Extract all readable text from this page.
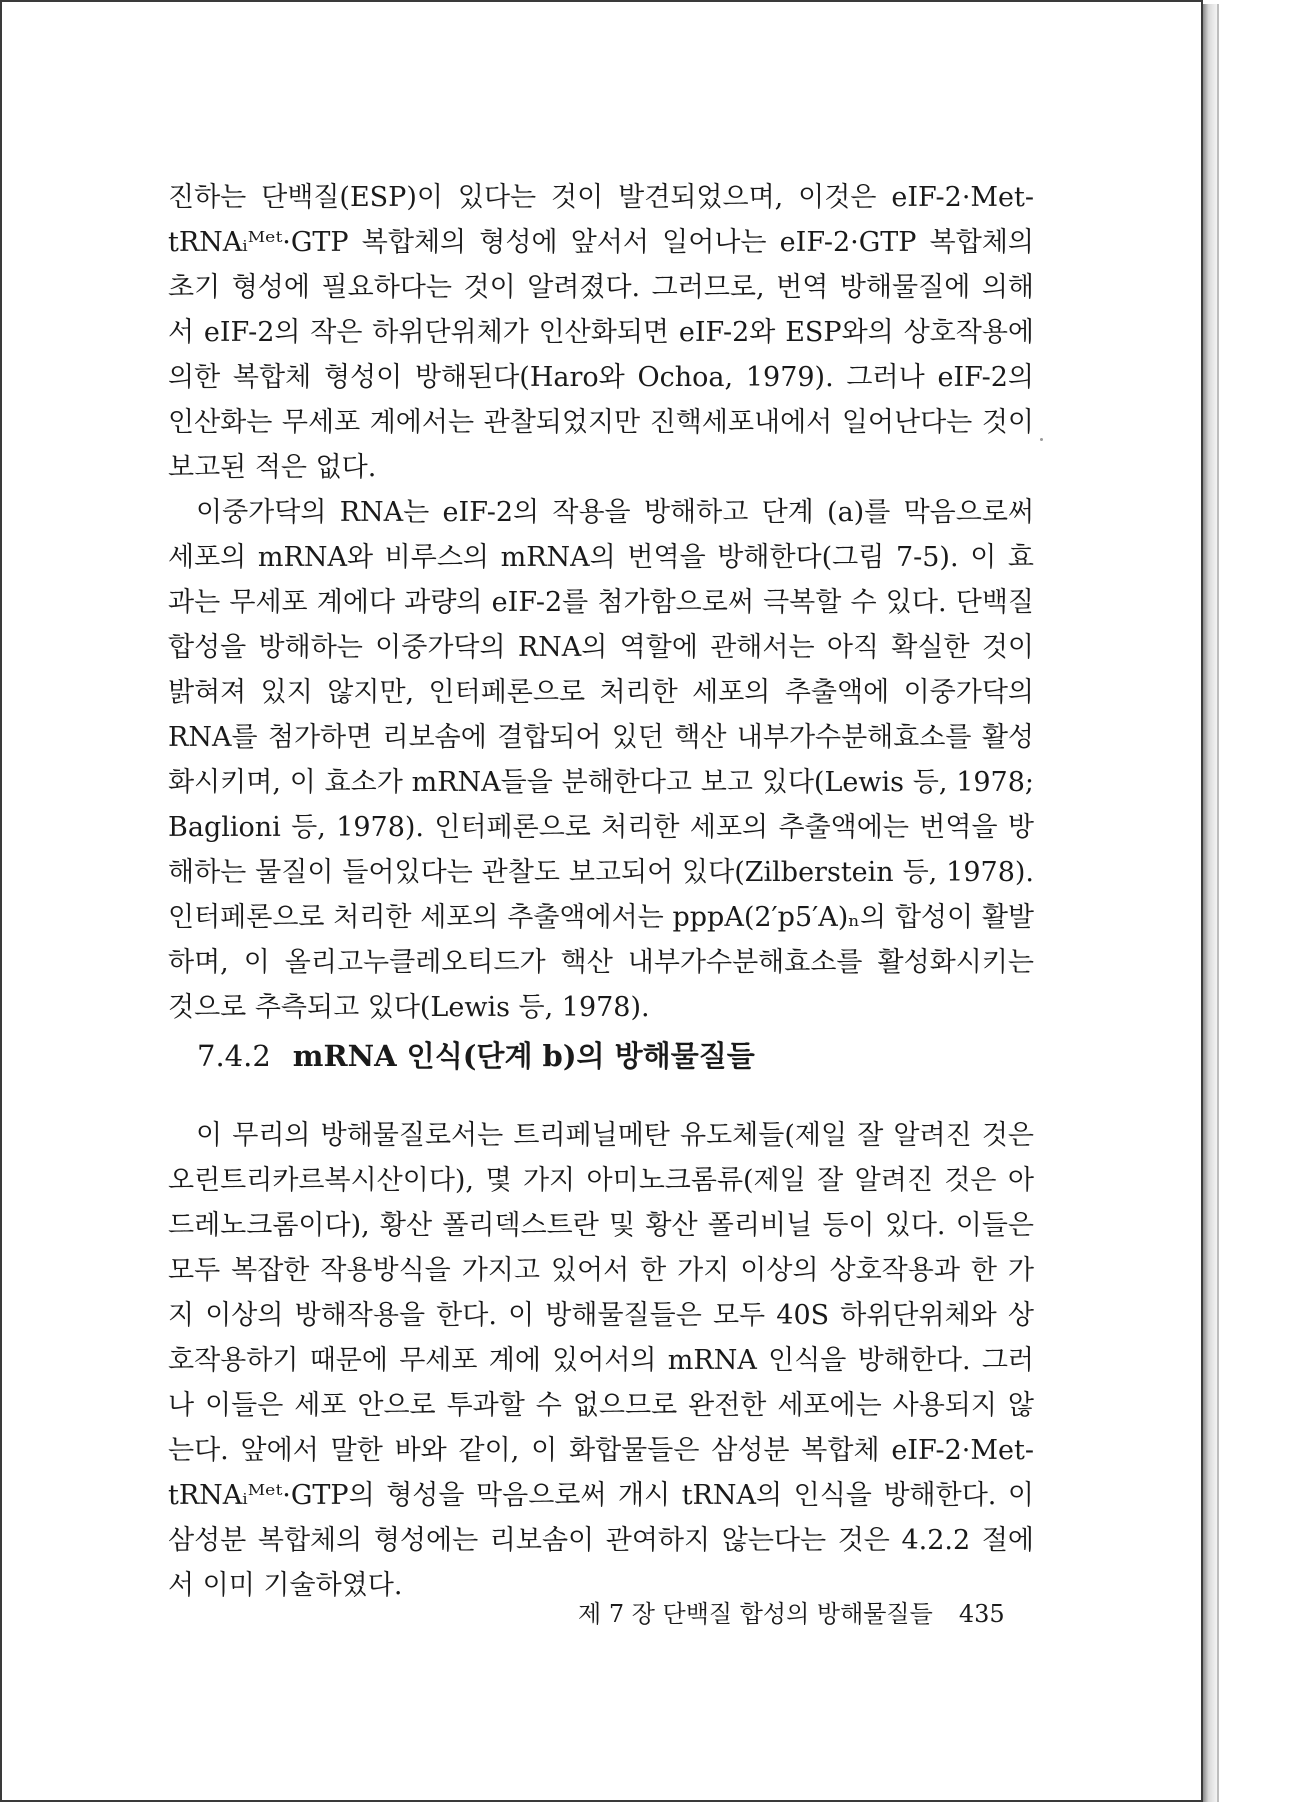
진하는 단백질(ESP)이 있다는 것이 발견되었으며, 이것은 eIF-2·Met-tRNAᵢᴹᵉᵗ·GTP 복합체의 형성에 앞서서 일어나는 eIF-2·GTP 복합체의 초기 형성에 필요하다는 것이 알려졌다. 그러므로, 번역 방해물질에 의해서 eIF-2의 작은 하위단위체가 인산화되면 eIF-2와 ESP와의 상호작용에 의한 복합체 형성이 방해된다(Haro와 Ochoa, 1979). 그러나 eIF-2의 인산화는 무세포 계에서는 관찰되었지만 진핵세포내에서 일어난다는 것이 보고된 적은 없다.

이중가닥의 RNA는 eIF-2의 작용을 방해하고 단계 (a)를 막음으로써 세포의 mRNA와 비루스의 mRNA의 번역을 방해한다(그림 7-5). 이 효과는 무세포 계에다 과량의 eIF-2를 첨가함으로써 극복할 수 있다. 단백질 합성을 방해하는 이중가닥의 RNA의 역할에 관해서는 아직 확실한 것이 밝혀져 있지 않지만, 인터페론으로 처리한 세포의 추출액에 이중가닥의 RNA를 첨가하면 리보솜에 결합되어 있던 핵산 내부가수분해효소를 활성화시키며, 이 효소가 mRNA들을 분해한다고 보고 있다(Lewis 등, 1978; Baglioni 등, 1978). 인터페론으로 처리한 세포의 추출액에는 번역을 방해하는 물질이 들어있다는 관찰도 보고되어 있다(Zilberstein 등, 1978). 인터페론으로 처리한 세포의 추출액에서는 pppA(2′p5′A)ₙ의 합성이 활발하며, 이 올리고누클레오티드가 핵산 내부가수분해효소를 활성화시키는 것으로 추측되고 있다(Lewis 등, 1978).

7.4.2 mRNA 인식(단계 b)의 방해물질들

이 무리의 방해물질로서는 트리페닐메탄 유도체들(제일 잘 알려진 것은 오린트리카르복시산이다), 몇 가지 아미노크롬류(제일 잘 알려진 것은 아드레노크롬이다), 황산 폴리덱스트란 및 황산 폴리비닐 등이 있다. 이들은 모두 복잡한 작용방식을 가지고 있어서 한 가지 이상의 상호작용과 한 가지 이상의 방해작용을 한다. 이 방해물질들은 모두 40S 하위단위체와 상호작용하기 때문에 무세포 계에 있어서의 mRNA 인식을 방해한다. 그러나 이들은 세포 안으로 투과할 수 없으므로 완전한 세포에는 사용되지 않는다. 앞에서 말한 바와 같이, 이 화합물들은 삼성분 복합체 eIF-2·Met-tRNAᵢᴹᵉᵗ·GTP의 형성을 막음으로써 개시 tRNA의 인식을 방해한다. 이 삼성분 복합체의 형성에는 리보솜이 관여하지 않는다는 것은 4.2.2 절에서 이미 기술하였다.

제 7 장 단백질 합성의 방해물질들 435
